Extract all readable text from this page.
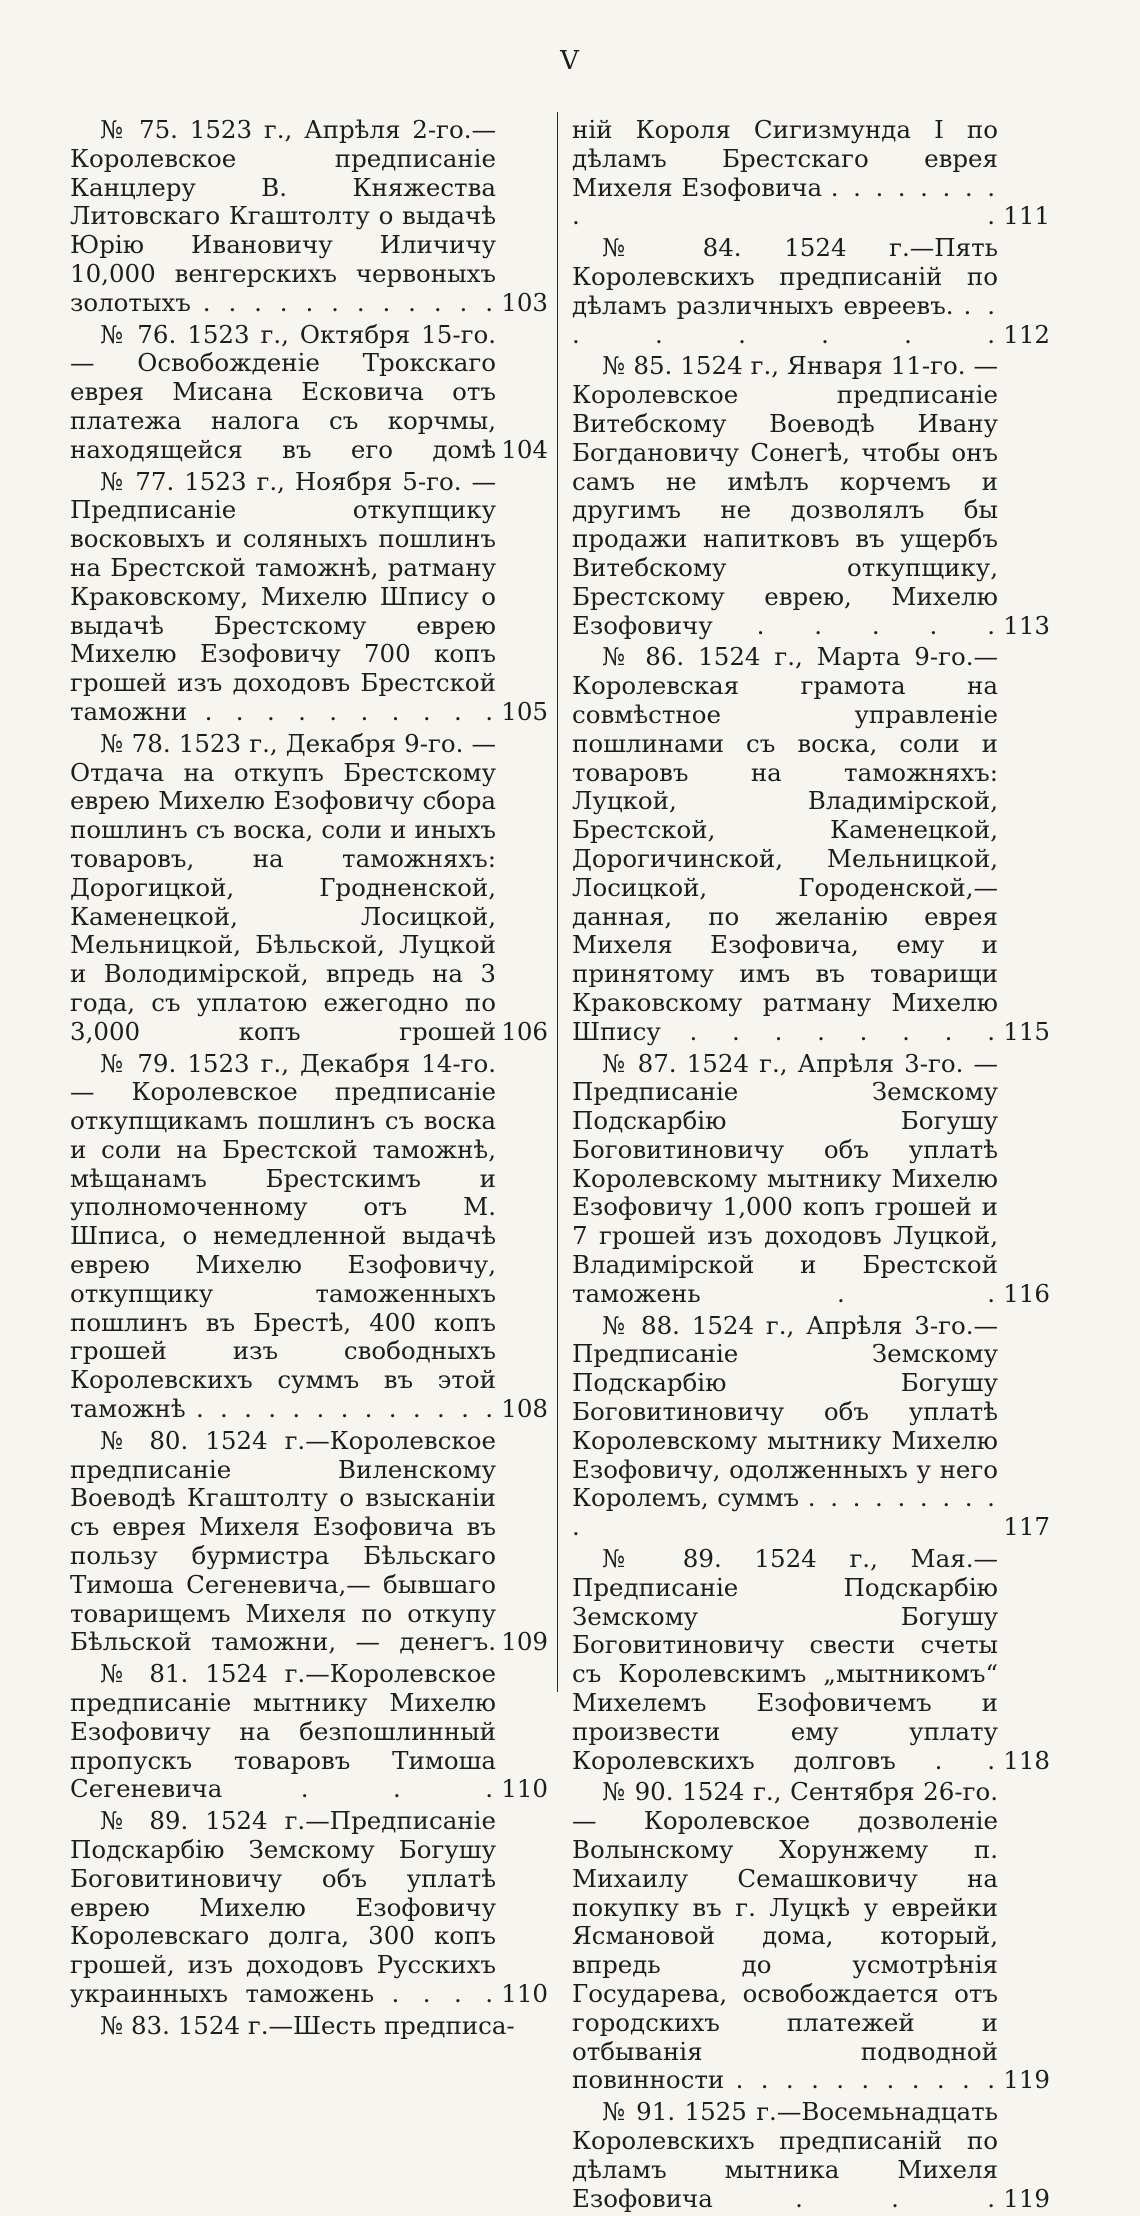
V
№ 75. 1523 г., Апрѣля 2-го.— Королевское предписаніе Канцлеру В. Княжества Литовскаго Кгаштолту о выдачѣ Юрію Ивановичу Иличичу 10,000 венгерскихъ червоныхъ золотыхъ . . . . . . . . . . . . 103
№ 76. 1523 г., Октября 15-го.— Освобожденіе Трокскаго еврея Мисана Есковича отъ платежа налога съ корчмы, находящейся въ его домѣ 104
№ 77. 1523 г., Ноября 5-го. — Предписаніе откупщику восковыхъ и соляныхъ пошлинъ на Брестской таможнѣ, ратману Краковскому, Михелю Шпису о выдачѣ Брестскому еврею Михелю Езофовичу 700 копъ грошей изъ доходовъ Брестской таможни . . . . . . . . . . 105
№ 78. 1523 г., Декабря 9-го. — Отдача на откупъ Брестскому еврею Михелю Езофовичу сбора пошлинъ съ воска, соли и иныхъ товаровъ, на таможняхъ: Дорогицкой, Гродненской, Каменецкой, Лосицкой, Мельницкой, Бѣльской, Луцкой и Володимірской, впредь на 3 года, съ уплатою ежегодно по 3,000 копъ грошей 106
№ 79. 1523 г., Декабря 14-го.— Королевское предписаніе откупщикамъ пошлинъ съ воска и соли на Брестской таможнѣ, мѣщанамъ Брестскимъ и уполномоченному отъ М. Шписа, о немедленной выдачѣ еврею Михелю Езофовичу, откупщику таможенныхъ пошлинъ въ Брестѣ, 400 копъ грошей изъ свободныхъ Королевскихъ суммъ въ этой таможнѣ . . . . . . . . . . . . . 108
№ 80. 1524 г.—Королевское предписаніе Виленскому Воеводѣ Кгаштолту о взысканіи съ еврея Михеля Езофовича въ пользу бурмистра Бѣльскаго Тимоша Сегеневича,— бывшаго товарищемъ Михеля по откупу Бѣльской таможни, — денегъ. 109
№ 81. 1524 г.—Королевское предписаніе мытнику Михелю Езофовичу на безпошлинный пропускъ товаровъ Тимоша Сегеневича	. . . 110
№ 89. 1524 г.—Предписаніе Подскарбію Земскому Богушу Боговитиновичу объ уплатѣ еврею Михелю Езофовичу Королевскаго долга, 300 копъ грошей, изъ доходовъ Русскихъ украинныхъ таможень . . . . 110
№ 83. 1524 г.—Шесть предписа-
ній Короля Сигизмунда I по дѣламъ Брестскаго еврея Михеля Езофовича . . . . . . . . . . 111
№ 84. 1524 г.—Пять Королевскихъ предписаній по дѣламъ различныхъ евреевъ. . . . . . . . . 112
№ 85. 1524 г., Января 11-го. — Королевское предписаніе Витебскому Воеводѣ Ивану Богдановичу Сонегѣ, чтобы онъ самъ не имѣлъ корчемъ и другимъ не дозволялъ бы продажи напитковъ въ ущербъ Витебскому откупщику, Брестскому еврею, Михелю Езофовичу . . . . . 113
№ 86. 1524 г., Марта 9-го.—Королевская грамота на совмѣстное управленіе пошлинами съ воска, соли и товаровъ на таможняхъ: Луцкой, Владимірской, Брестской, Каменецкой, Дорогичинской, Мельницкой, Лосицкой, Городенской,—данная, по желанію еврея Михеля Езофовича, ему и принятому имъ въ товарищи Краковскому ратману Михелю Шпису . . . . . . . . 115
№ 87. 1524 г., Апрѣля 3-го. — Предписаніе Земскому Подскарбію Богушу Боговитиновичу объ уплатѣ Королевскому мытнику Михелю Езофовичу 1,000 копъ грошей и 7 грошей изъ доходовъ Луцкой, Владимірской и Брестской таможень	. . 116
№ 88. 1524 г., Апрѣля 3-го.— Предписаніе Земскому Подскарбію Богушу Боговитиновичу объ уплатѣ Королевскому мытнику Михелю Езофовичу, одолженныхъ у него Королемъ, суммъ . . . . . . . . . .	117
№ 89. 1524 г., Мая.—Предписаніе Подскарбію Земскому Богушу Боговитиновичу свести счеты съ Королевскимъ „мытникомъ“ Михелемъ Езофовичемъ и произвести ему уплату Королевскихъ долговъ . . 118
№ 90. 1524 г., Сентября 26-го.— Королевское дозволеніе Волынскому Хорунжему п. Михаилу Семашковичу на покупку въ г. Луцкѣ у еврейки Ясмановой дома, который, впредь до усмотрѣнія Государева, освобождается отъ городскихъ платежей и отбыванія подводной повинности . . . . . . . . . . . 119
№ 91. 1525 г.—Восемьнадцать Королевскихъ предписаній по дѣламъ мытника Михеля Езофовича	. . . 119
